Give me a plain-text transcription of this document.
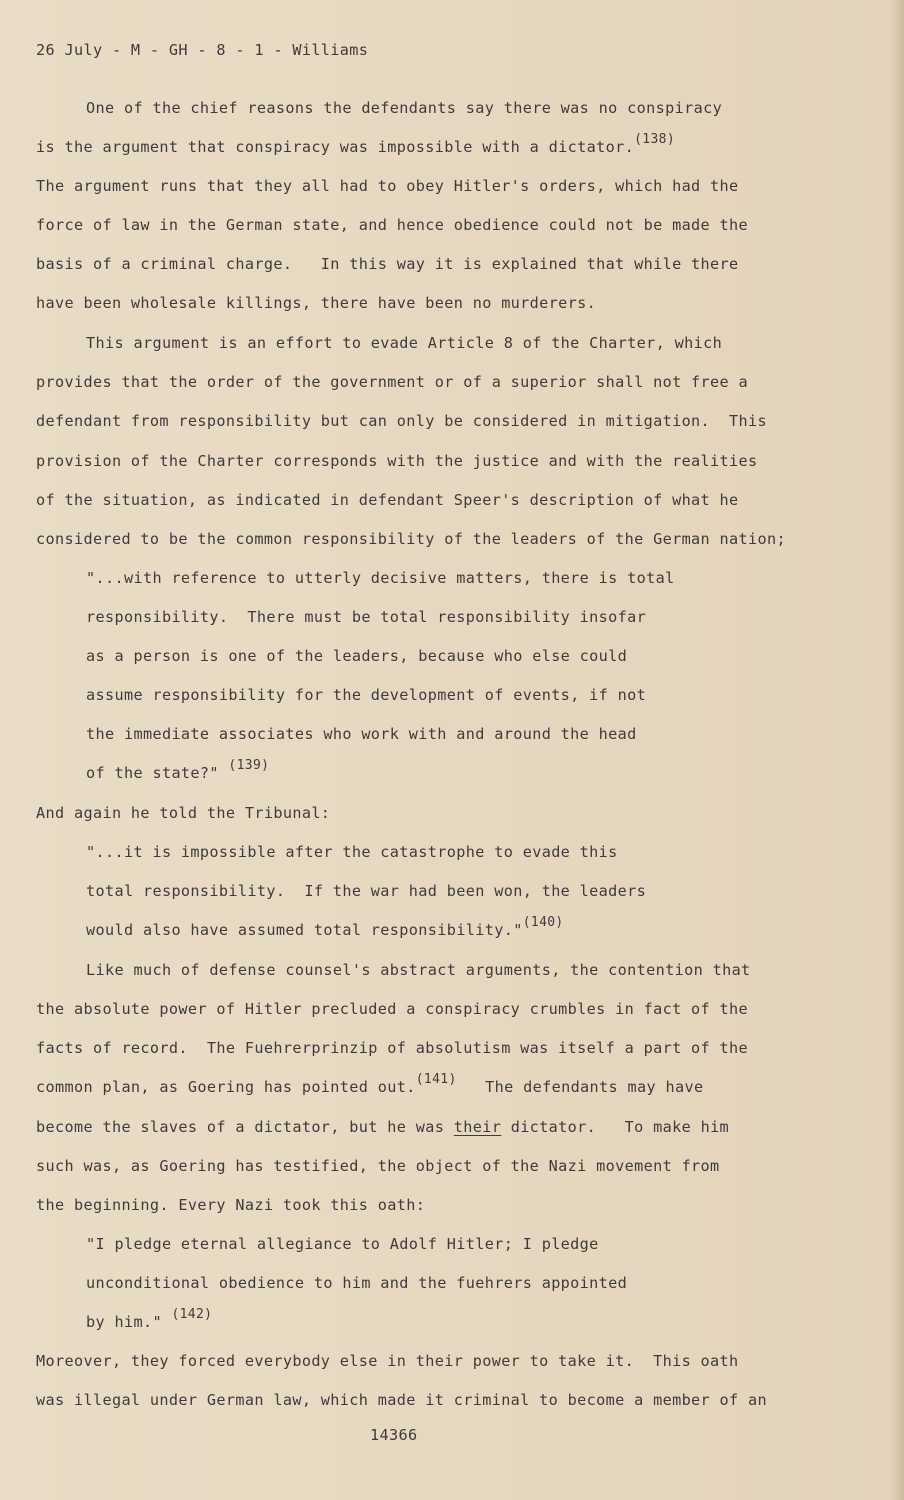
26 July - M - GH - 8 - 1 - Williams
One of the chief reasons the defendants say there was no conspiracy
is the argument that conspiracy was impossible with a dictator.(138)
The argument runs that they all had to obey Hitler's orders, which had the
force of law in the German state, and hence obedience could not be made the
basis of a criminal charge.   In this way it is explained that while there
have been wholesale killings, there have been no murderers.
This argument is an effort to evade Article 8 of the Charter, which
provides that the order of the government or of a superior shall not free a
defendant from responsibility but can only be considered in mitigation.  This
provision of the Charter corresponds with the justice and with the realities
of the situation, as indicated in defendant Speer's description of what he
considered to be the common responsibility of the leaders of the German nation;
"...with reference to utterly decisive matters, there is total
responsibility.  There must be total responsibility insofar
as a person is one of the leaders, because who else could
assume responsibility for the development of events, if not
the immediate associates who work with and around the head
of the state?" (139)
And again he told the Tribunal:
"...it is impossible after the catastrophe to evade this
total responsibility.  If the war had been won, the leaders
would also have assumed total responsibility."(140)
Like much of defense counsel's abstract arguments, the contention that
the absolute power of Hitler precluded a conspiracy crumbles in fact of the
facts of record.  The Fuehrerprinzip of absolutism was itself a part of the
common plan, as Goering has pointed out.(141) The defendants may have
become the slaves of a dictator, but he was their dictator.   To make him
such was, as Goering has testified, the object of the Nazi movement from
the beginning. Every Nazi took this oath:
"I pledge eternal allegiance to Adolf Hitler; I pledge
unconditional obedience to him and the fuehrers appointed
by him." (142)
Moreover, they forced everybody else in their power to take it.  This oath
was illegal under German law, which made it criminal to become a member of an
14366
